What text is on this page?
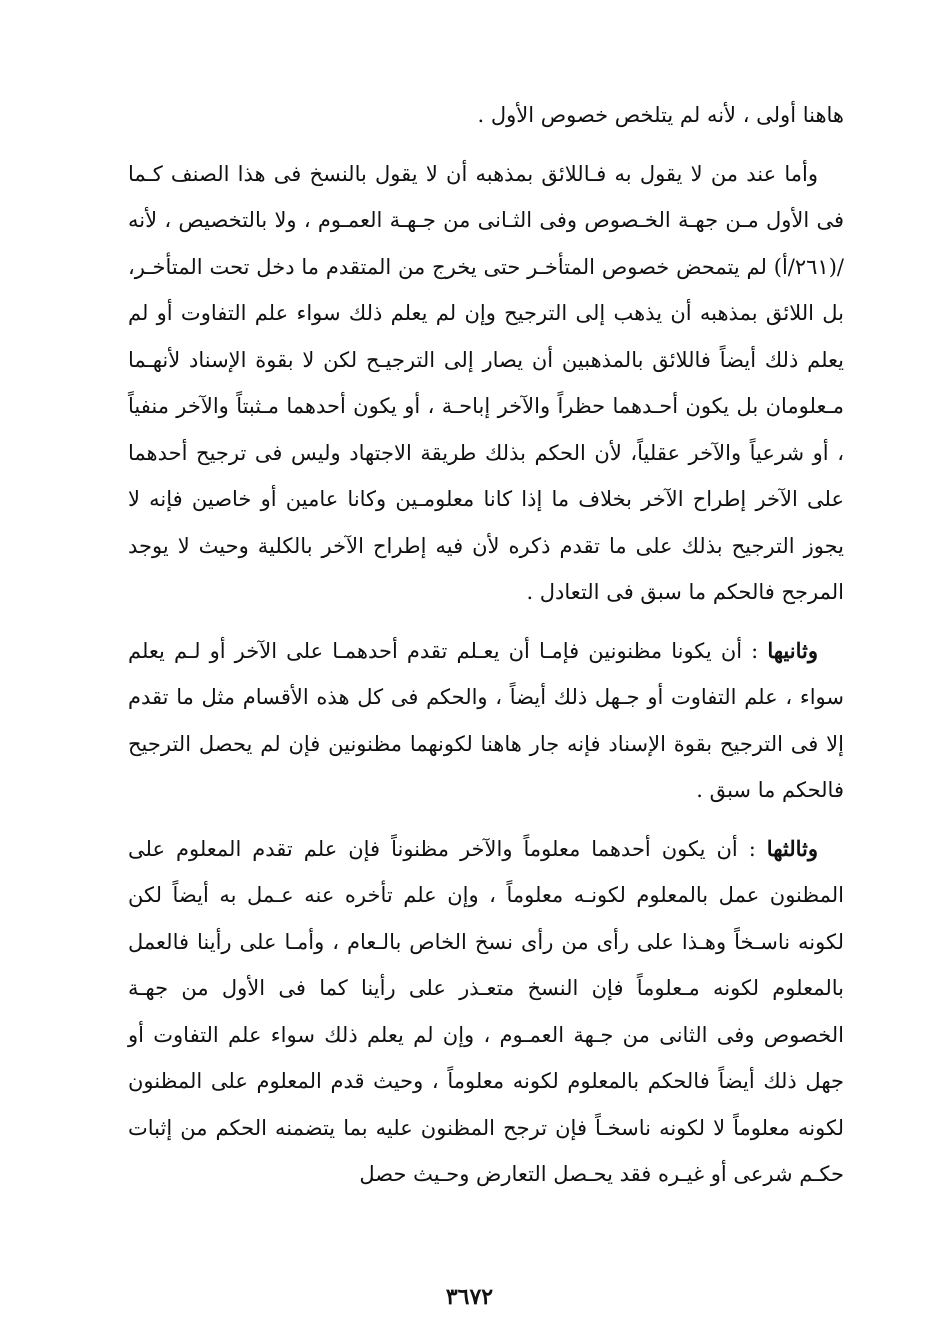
هاهنا أولى ، لأنه لم يتلخص خصوص الأول .

وأما عند من لا يقول به فـاللائق بمذهبه أن لا يقول بالنسخ فى هذا الصنف كـما فى الأول مـن جهـة الخـصوص وفى الثـانى من جـهـة العمـوم ، ولا بالتخصيص ، لأنه /(٢٦١/أ) لم يتمحض خصوص المتأخـر حتى يخرج من المتقدم ما دخل تحت المتأخـر، بل اللائق بمذهبه أن يذهب إلى الترجيح وإن لم يعلم ذلك سواء علم التفاوت أو لم يعلم ذلك أيضاً فاللائق بالمذهبين أن يصار إلى الترجيـح لكن لا بقوة الإسناد لأنهـما مـعلومان بل يكون أحـدهما حظراً والآخر إباحـة ، أو يكون أحدهما مـثبتاً والآخر منفياً ، أو شرعياً والآخر عقلياً، لأن الحكم بذلك طريقة الاجتهاد وليس فى ترجيح أحدهما على الآخر إطراح الآخر بخلاف ما إذا كانا معلومـين وكانا عامين أو خاصين فإنه لا يجوز الترجيح بذلك على ما تقدم ذكره لأن فيه إطراح الآخر بالكلية وحيث لا يوجد المرجح فالحكم ما سبق فى التعادل .

وثانيها : أن يكونا مظنونين فإمـا أن يعـلم تقدم أحدهمـا على الآخر أو لـم يعلم سواء ، علم التفاوت أو جـهل ذلك أيضاً ، والحكم فى كل هذه الأقسام مثل ما تقدم إلا فى الترجيح بقوة الإسناد فإنه جار هاهنا لكونهما مظنونين فإن لم يحصل الترجيح فالحكم ما سبق .

وثالثها : أن يكون أحدهما معلوماً والآخر مظنوناً فإن علم تقدم المعلوم على المظنون عمل بالمعلوم لكونـه معلوماً ، وإن علم تأخره عنه عـمل به أيضاً لكن لكونه ناسـخاً وهـذا على رأى من رأى نسخ الخاص بالـعام ، وأمـا على رأينا فالعمل بالمعلوم لكونه مـعلوماً فإن النسخ متعـذر على رأينا كما فى الأول من جهـة الخصوص وفى الثانى من جـهة العمـوم ، وإن لم يعلم ذلك سواء علم التفاوت أو جهل ذلك أيضاً فالحكم بالمعلوم لكونه معلوماً ، وحيث قدم المعلوم على المظنون لكونه معلوماً لا لكونه ناسخـاً فإن ترجح المظنون عليه بما يتضمنه الحكم من إثبات حكـم شرعى أو غيـره فقد يحـصل التعارض وحـيث حصل

٣٦٧٢
